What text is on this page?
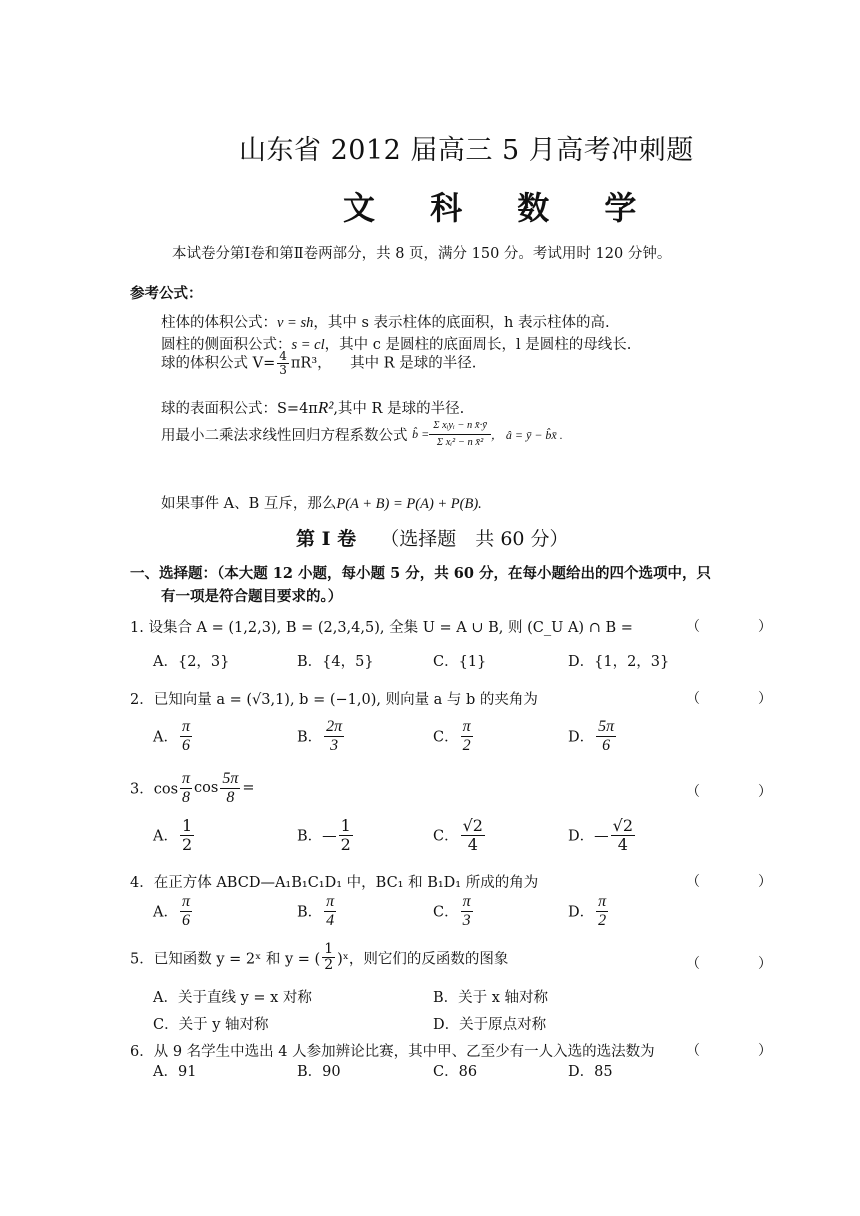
山东省 2012 届高三 5 月高考冲刺题
文 科 数 学
本试卷分第Ⅰ卷和第Ⅱ卷两部分，共 8 页，满分 150 分。考试用时 120 分钟。
参考公式：
柱体的体积公式：v = sh，其中 s 表示柱体的底面积，h 表示柱体的高.
圆柱的侧面积公式：s = cl，其中 c 是圆柱的底面周长，l 是圆柱的母线长.
球的体积公式 $V= \frac{4}{3} \pi R^3$， 其中 R 是球的半径.
球的表面积公式：S=4πR²,其中 R 是球的半径.
用最小二乘法求线性回归方程系数公式 b̂ =
Σ xᵢyᵢ − n x̄·ȳ
Σ xᵢ² − n x̄²
， â = ȳ − b̂x̄ .
如果事件 A、B 互斥，那么P(A + B) = P(A) + P(B).
第 I 卷 （选择题　共 60 分）
一、选择题：（本大题 12 小题，每小题 5 分，共 60 分，在每小题给出的四个选项中，只
有一项是符合题目要求的。）
1. 设集合 A = (1,2,3), B = (2,3,4,5), 全集 U = A ∪ B, 则 (C_U A) ∩ B =	（　）
A．{2，3}	B．{4，5}	C．{1}	D．{1，2，3}
2．已知向量 a = (√3,1), b = (−1,0), 则向量 a 与 b 的夹角为	（　）
A． $\frac{\pi}{6}$	B． $\frac{2\pi}{3}$	C． $\frac{\pi}{2}$	D． $\frac{5\pi}{6}$
3．$\cos \frac{\pi}{8}$ $\cos \frac{5\pi}{8}$ =	（　）
A． $\frac{1}{2}$	B．— $\frac{1}{2}$	C． $\frac{√2}{4}$	D．— $\frac{√2}{4}$
4．在正方体 ABCD—A₁B₁C₁D₁ 中，BC₁ 和 B₁D₁ 所成的角为	（　）
A． $\frac{\pi}{6}$	B． $\frac{\pi}{4}$	C． $\frac{\pi}{3}$	D． $\frac{\pi}{2}$
5．已知函数 y = 2ˣ 和 y = ( $\frac{1}{2}$ )ˣ，则它们的反函数的图象	（　）
A．关于直线 y = x 对称	B．关于 x 轴对称
C．关于 y 轴对称	D．关于原点对称
6．从 9 名学生中选出 4 人参加辨论比赛，其中甲、乙至少有一人入选的选法数为 （　）
A．91	B．90	C．86	D．85
